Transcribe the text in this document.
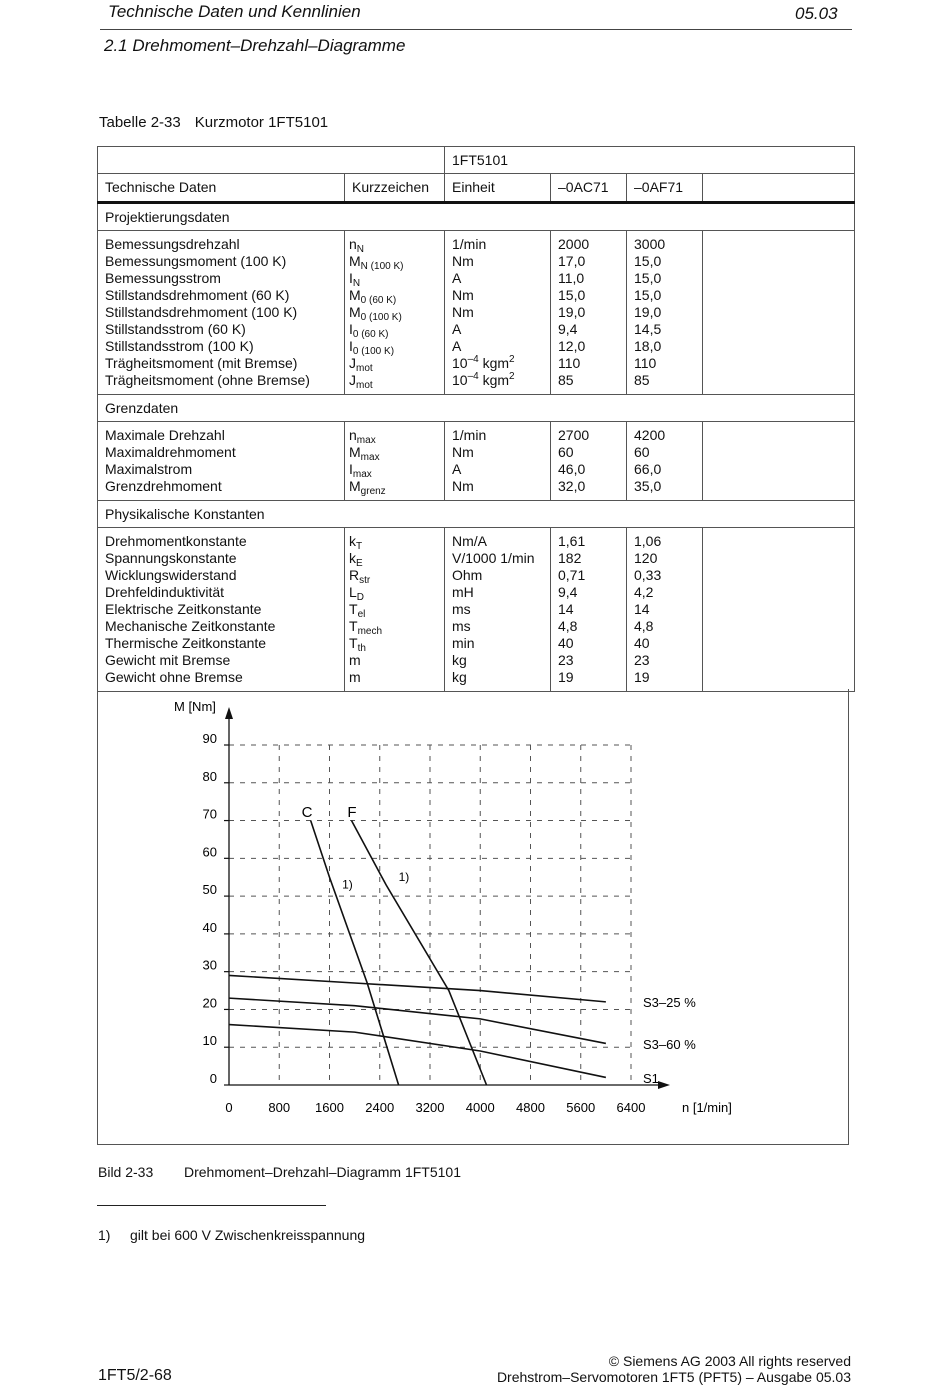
Technische Daten und Kennlinien	05.03
2.1 Drehmoment–Drehzahl–Diagramme
Tabelle 2-33 Kurzmotor 1FT5101
		1FT5101			
Technische Daten	Kurzzeichen	Einheit	–0AC71	–0AF71	
Projektierungsdaten					
Bemessungsdrehzahl	$n_N$	1/min	2000	3000	
Bemessungsmoment (100 K)	$M_{N (100 K)}$	Nm	17,0	15,0	
Bemessungsstrom	$I_N$	A	11,0	15,0	
Stillstandsdrehmoment (60 K)	$M_{0 (60 K)}$	Nm	15,0	15,0	
Stillstandsdrehmoment (100 K)	$M_{0 (100 K)}$	Nm	19,0	19,0	
Stillstandsstrom (60 K)	$I_{0 (60 K)}$	A	9,4	14,5	
Stillstandsstrom (100 K)	$I_{0 (100 K)}$	A	12,0	18,0	
Trägheitsmoment (mit Bremse)	$J_{mot}$	$10^{-4}$ kgm$^2$	110	110	
Trägheitsmoment (ohne Bremse)	$J_{mot}$	$10^{-4}$ kgm$^2$	85	85	
Grenzdaten					
Maximale Drehzahl	$n_{max}$	1/min	2700	4200	
Maximaldrehmoment	$M_{max}$	Nm	60	60	
Maximalstrom	$I_{max}$	A	46,0	66,0	
Grenzdrehmoment	$M_{grenz}$	Nm	32,0	35,0	
Physikalische Konstanten					
Drehmomentkonstante	$k_T$	Nm/A	1,61	1,06	
Spannungskonstante	$k_E$	V/1000 1/min	182	120	
Wicklungswiderstand	$R_{str}$	Ohm	0,71	0,33	
Drehfeldinduktivität	$L_D$	mH	9,4	4,2	
Elektrische Zeitkonstante	$T_{el}$	ms	14	14	
Mechanische Zeitkonstante	$T_{mech}$	ms	4,8	4,8	
Thermische Zeitkonstante	$T_{th}$	min	40	40	
Gewicht mit Bremse	m	kg	23	23	
Gewicht ohne Bremse	m	kg	19	19	
0
10
20
30
40
50
60
70
80
90
0	800 1600 2400 3200 4000 4800 5600 6400
M [Nm]
n [1/min]
C F
S3–25 %
S3–60 %
S1
1)
1)
Bild 2-33 Drehmoment–Drehzahl–Diagramm 1FT5101
1) gilt bei 600 V Zwischenkreisspannung
© Siemens AG 2003 All rights reserved
1FT5/2-68	Drehstrom–Servomotoren 1FT5 (PFT5) – Ausgabe 05.03
